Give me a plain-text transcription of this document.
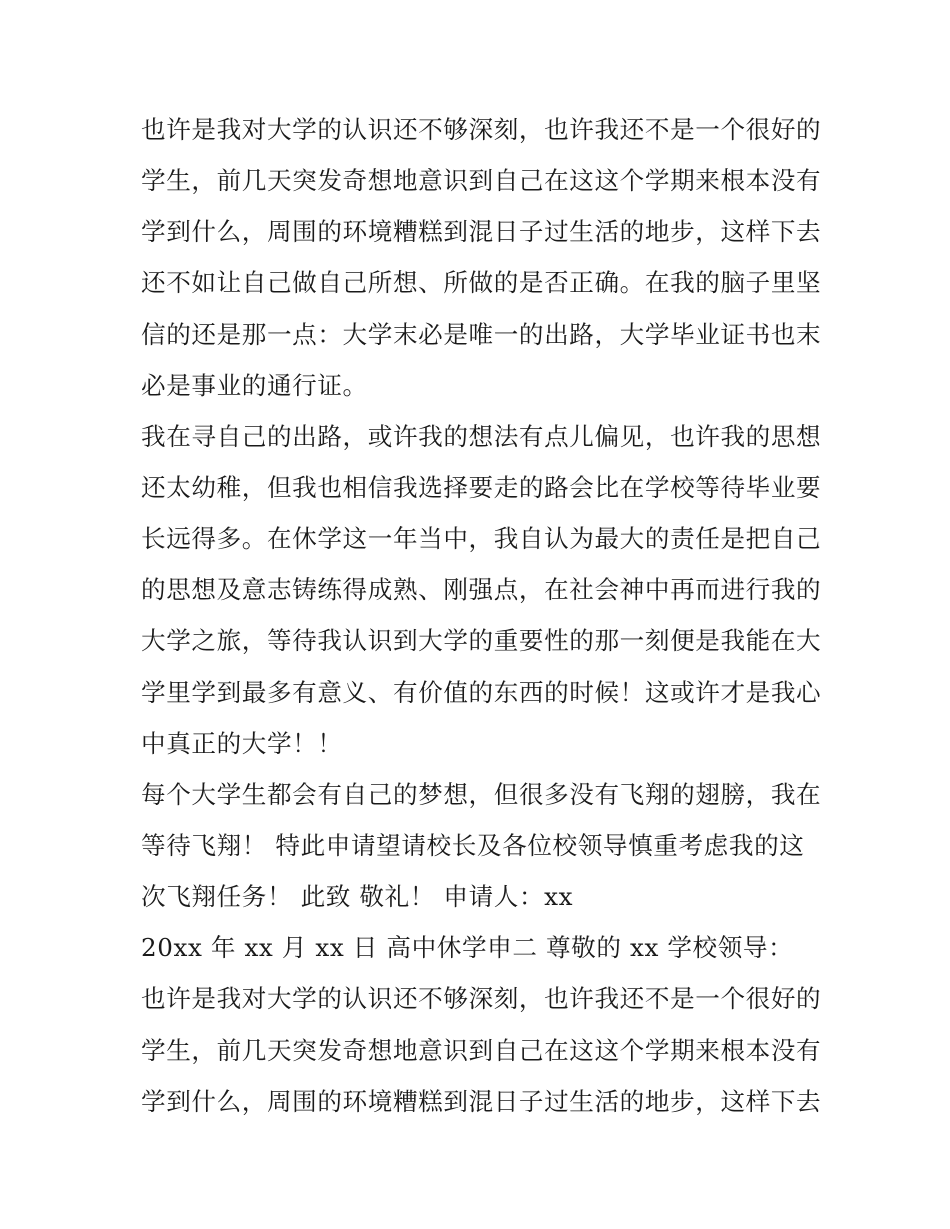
也许是我对大学的认识还不够深刻，也许我还不是一个很好的
学生，前几天突发奇想地意识到自己在这这个学期来根本没有
学到什么，周围的环境糟糕到混日子过生活的地步，这样下去
还不如让自己做自己所想、所做的是否正确。在我的脑子里坚
信的还是那一点：大学末必是唯一的出路，大学毕业证书也末
必是事业的通行证。
我在寻自己的出路，或许我的想法有点儿偏见，也许我的思想
还太幼稚，但我也相信我选择要走的路会比在学校等待毕业要
长远得多。在休学这一年当中，我自认为最大的责任是把自己
的思想及意志铸练得成熟、刚强点，在社会神中再而进行我的
大学之旅，等待我认识到大学的重要性的那一刻便是我能在大
学里学到最多有意义、有价值的东西的时候！这或许才是我心
中真正的大学！！
每个大学生都会有自己的梦想，但很多没有飞翔的翅膀，我在
等待飞翔！ 特此申请望请校长及各位校领导慎重考虑我的这
次飞翔任务！ 此致 敬礼！ 申请人：xx
20xx 年 xx 月 xx 日 高中休学申二 尊敬的 xx 学校领导：
也许是我对大学的认识还不够深刻，也许我还不是一个很好的
学生，前几天突发奇想地意识到自己在这这个学期来根本没有
学到什么，周围的环境糟糕到混日子过生活的地步，这样下去
